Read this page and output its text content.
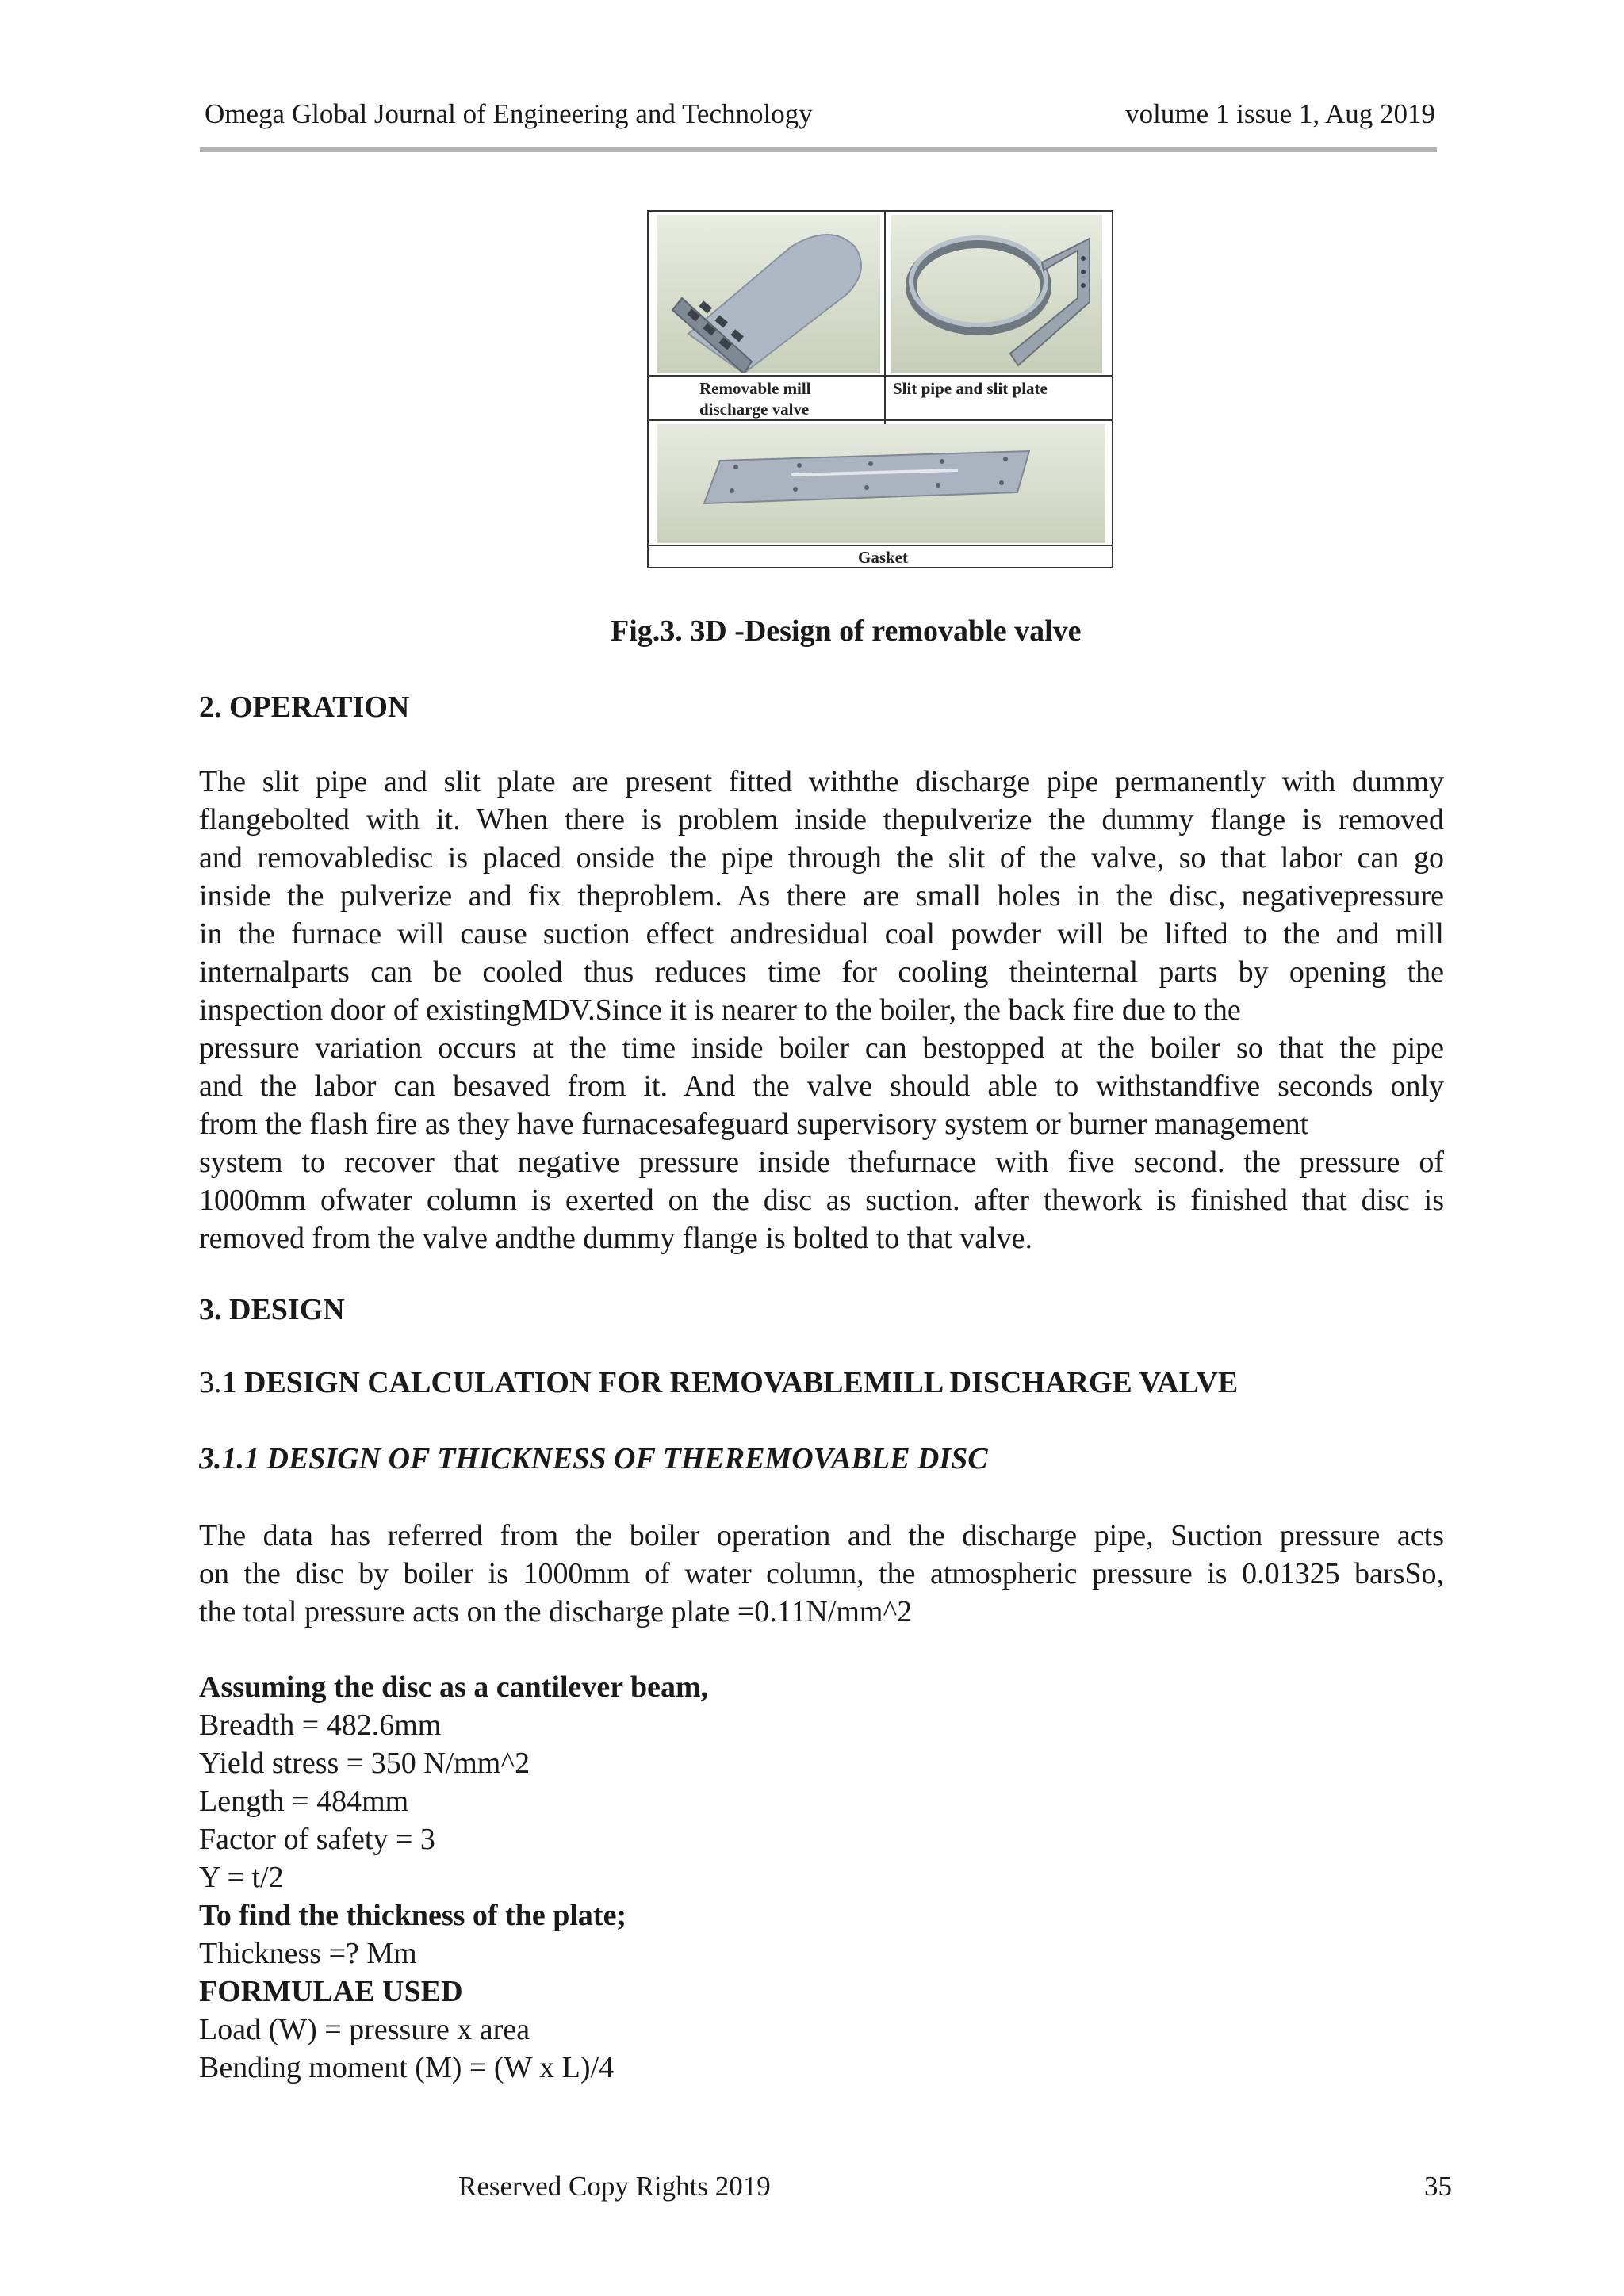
Omega Global Journal of Engineering and Technology	volume 1 issue 1, Aug 2019
Removable mill
discharge valve
Slit pipe and slit plate
Gasket
Fig.3. 3D -Design of removable valve
2. OPERATION

The slit pipe and slit plate are present fitted withthe discharge pipe permanently with dummy
flangebolted with it. When there is problem inside thepulverize the dummy flange is removed
and removabledisc is placed onside the pipe through the slit of the valve, so that labor can go
inside the pulverize and fix theproblem. As there are small holes in the disc, negativepressure
in the furnace will cause suction effect andresidual coal powder will be lifted to the and mill
internalparts can be cooled thus reduces time for cooling theinternal parts by opening the
inspection door of existingMDV.Since it is nearer to the boiler, the back fire due to the
pressure variation occurs at the time inside boiler can bestopped at the boiler so that the pipe
and the labor can besaved from it. And the valve should able to withstandfive seconds only
from the flash fire as they have furnacesafeguard supervisory system or burner management
system to recover that negative pressure inside thefurnace with five second. the pressure of
1000mm ofwater column is exerted on the disc as suction. after thework is finished that disc is
removed from the valve andthe dummy flange is bolted to that valve.

3. DESIGN
3.1 DESIGN CALCULATION FOR REMOVABLEMILL DISCHARGE VALVE
3.1.1 DESIGN OF THICKNESS OF THEREMOVABLE DISC

The data has referred from the boiler operation and the discharge pipe, Suction pressure acts
on the disc by boiler is 1000mm of water column, the atmospheric pressure is 0.01325 barsSo,
the total pressure acts on the discharge plate =0.11N/mm^2

Assuming the disc as a cantilever beam,
Breadth = 482.6mm
Yield stress = 350 N/mm^2
Length = 484mm
Factor of safety = 3
Y = t/2
To find the thickness of the plate;
Thickness =? Mm
FORMULAE USED
Load (W) = pressure x area
Bending moment (M) = (W x L)/4
Reserved Copy Rights 2019	35
